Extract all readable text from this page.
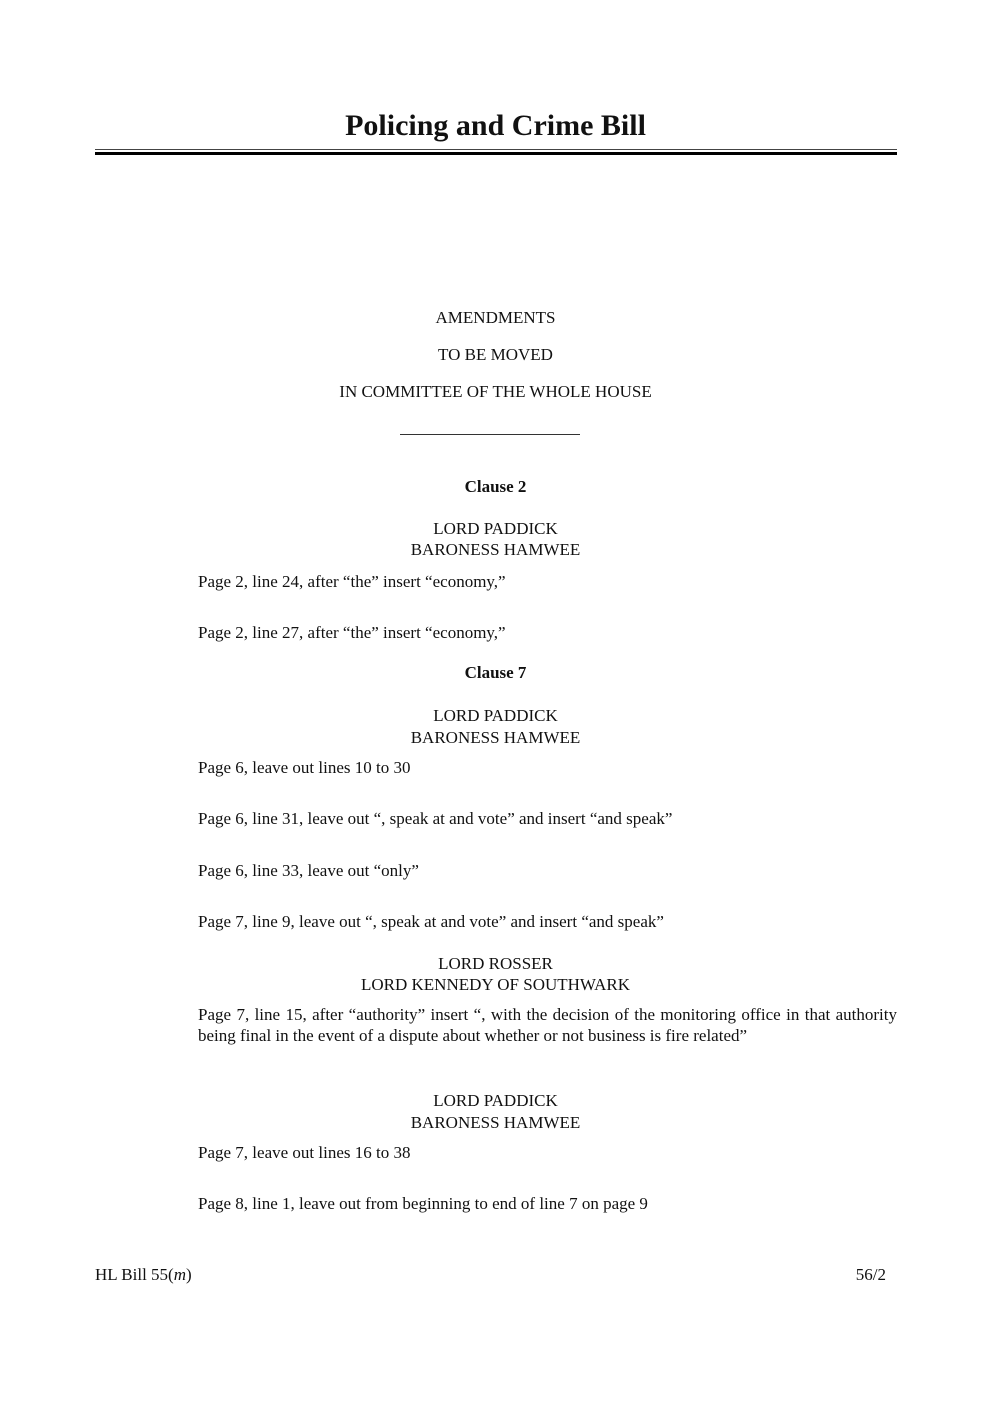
Policing and Crime Bill
AMENDMENTS
TO BE MOVED
IN COMMITTEE OF THE WHOLE HOUSE
Clause 2
LORD PADDICK
BARONESS HAMWEE
Page 2, line 24, after “the” insert “economy,”
Page 2, line 27, after “the” insert “economy,”
Clause 7
LORD PADDICK
BARONESS HAMWEE
Page 6, leave out lines 10 to 30
Page 6, line 31, leave out “, speak at and vote” and insert “and speak”
Page 6, line 33, leave out “only”
Page 7, line 9, leave out “, speak at and vote” and insert “and speak”
LORD ROSSER
LORD KENNEDY OF SOUTHWARK
Page 7, line 15, after “authority” insert “, with the decision of the monitoring office in that authority being final in the event of a dispute about whether or not business is fire related”
LORD PADDICK
BARONESS HAMWEE
Page 7, leave out lines 16 to 38
Page 8, line 1, leave out from beginning to end of line 7 on page 9
HL Bill 55(m)	56/2
